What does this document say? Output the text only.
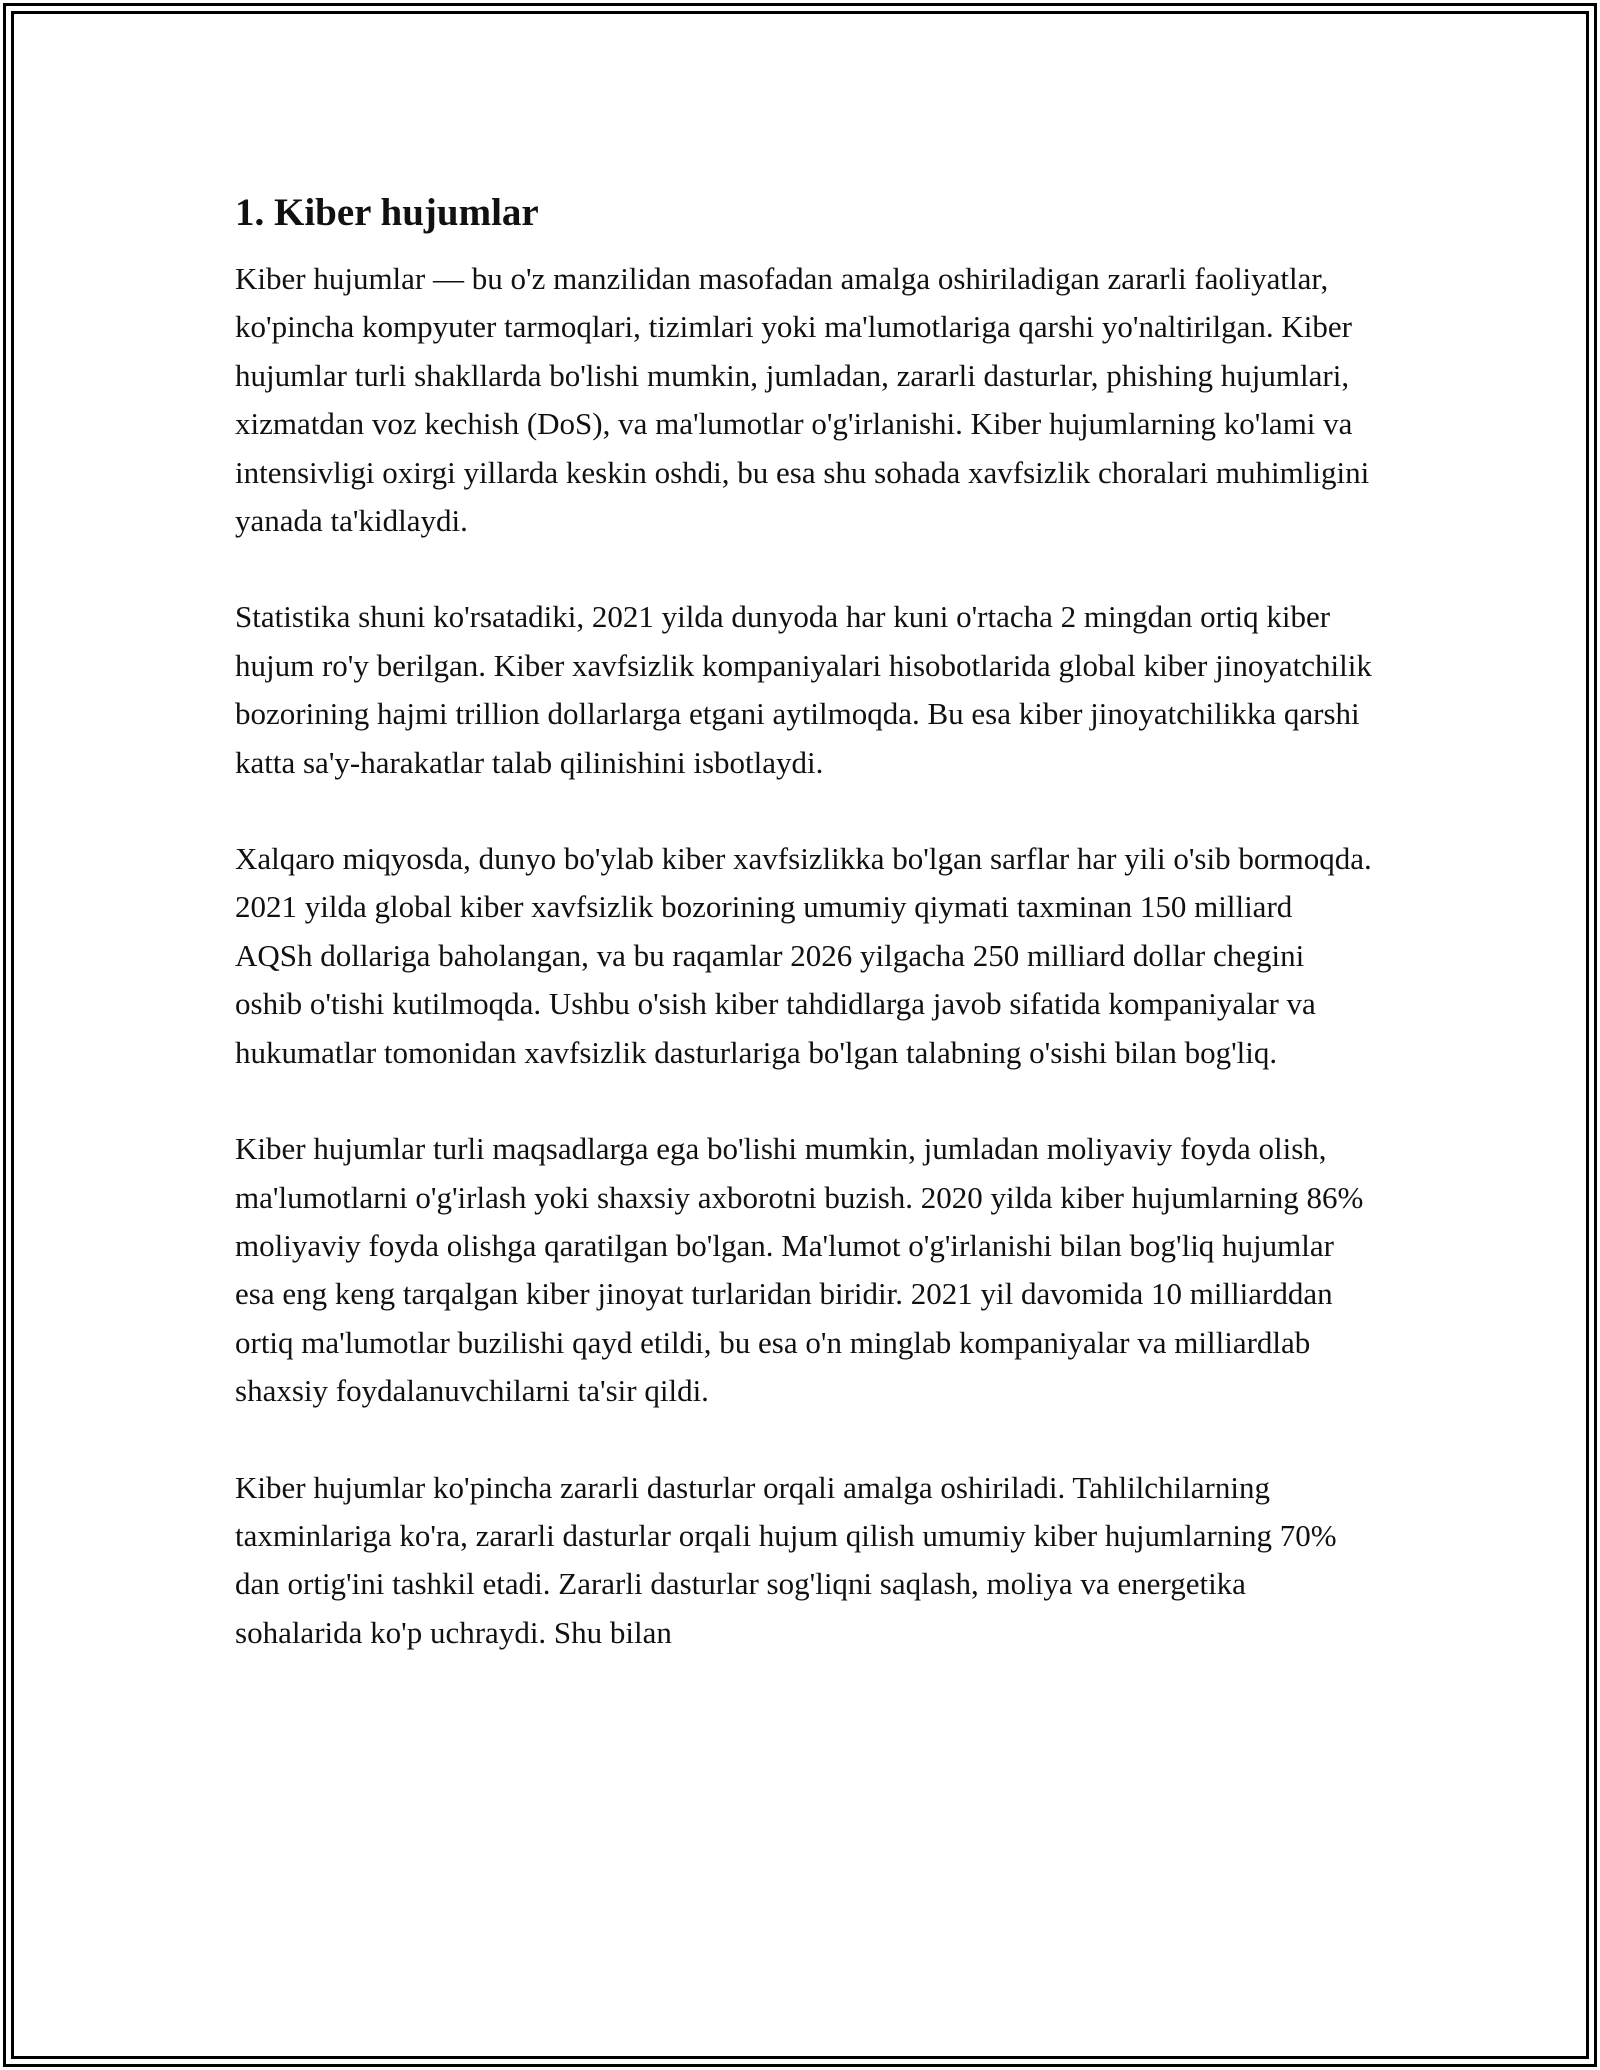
1. Kiber hujumlar

Kiber hujumlar — bu o'z manzilidan masofadan amalga oshiriladigan zararli faoliyatlar, ko'pincha kompyuter tarmoqlari, tizimlari yoki ma'lumotlariga qarshi yo'naltirilgan. Kiber hujumlar turli shakllarda bo'lishi mumkin, jumladan, zararli dasturlar, phishing hujumlari, xizmatdan voz kechish (DoS), va ma'lumotlar o'g'irlanishi. Kiber hujumlarning ko'lami va intensivligi oxirgi yillarda keskin oshdi, bu esa shu sohada xavfsizlik choralari muhimligini yanada ta'kidlaydi.

Statistika shuni ko'rsatadiki, 2021 yilda dunyoda har kuni o'rtacha 2 mingdan ortiq kiber hujum ro'y berilgan. Kiber xavfsizlik kompaniyalari hisobotlarida global kiber jinoyatchilik bozorining hajmi trillion dollarlarga etgani aytilmoqda. Bu esa kiber jinoyatchilikka qarshi katta sa'y-harakatlar talab qilinishini isbotlaydi.

Xalqaro miqyosda, dunyo bo'ylab kiber xavfsizlikka bo'lgan sarflar har yili o'sib bormoqda. 2021 yilda global kiber xavfsizlik bozorining umumiy qiymati taxminan 150 milliard AQSh dollariga baholangan, va bu raqamlar 2026 yilgacha 250 milliard dollar chegini oshib o'tishi kutilmoqda. Ushbu o'sish kiber tahdidlarga javob sifatida kompaniyalar va hukumatlar tomonidan xavfsizlik dasturlariga bo'lgan talabning o'sishi bilan bog'liq.

Kiber hujumlar turli maqsadlarga ega bo'lishi mumkin, jumladan moliyaviy foyda olish, ma'lumotlarni o'g'irlash yoki shaxsiy axborotni buzish. 2020 yilda kiber hujumlarning 86% moliyaviy foyda olishga qaratilgan bo'lgan. Ma'lumot o'g'irlanishi bilan bog'liq hujumlar esa eng keng tarqalgan kiber jinoyat turlaridan biridir. 2021 yil davomida 10 milliarddan ortiq ma'lumotlar buzilishi qayd etildi, bu esa o'n minglab kompaniyalar va milliardlab shaxsiy foydalanuvchilarni ta'sir qildi.

Kiber hujumlar ko'pincha zararli dasturlar orqali amalga oshiriladi. Tahlilchilarning taxminlariga ko'ra, zararli dasturlar orqali hujum qilish umumiy kiber hujumlarning 70% dan ortig'ini tashkil etadi. Zararli dasturlar sog'liqni saqlash, moliya va energetika sohalarida ko'p uchraydi. Shu bilan
